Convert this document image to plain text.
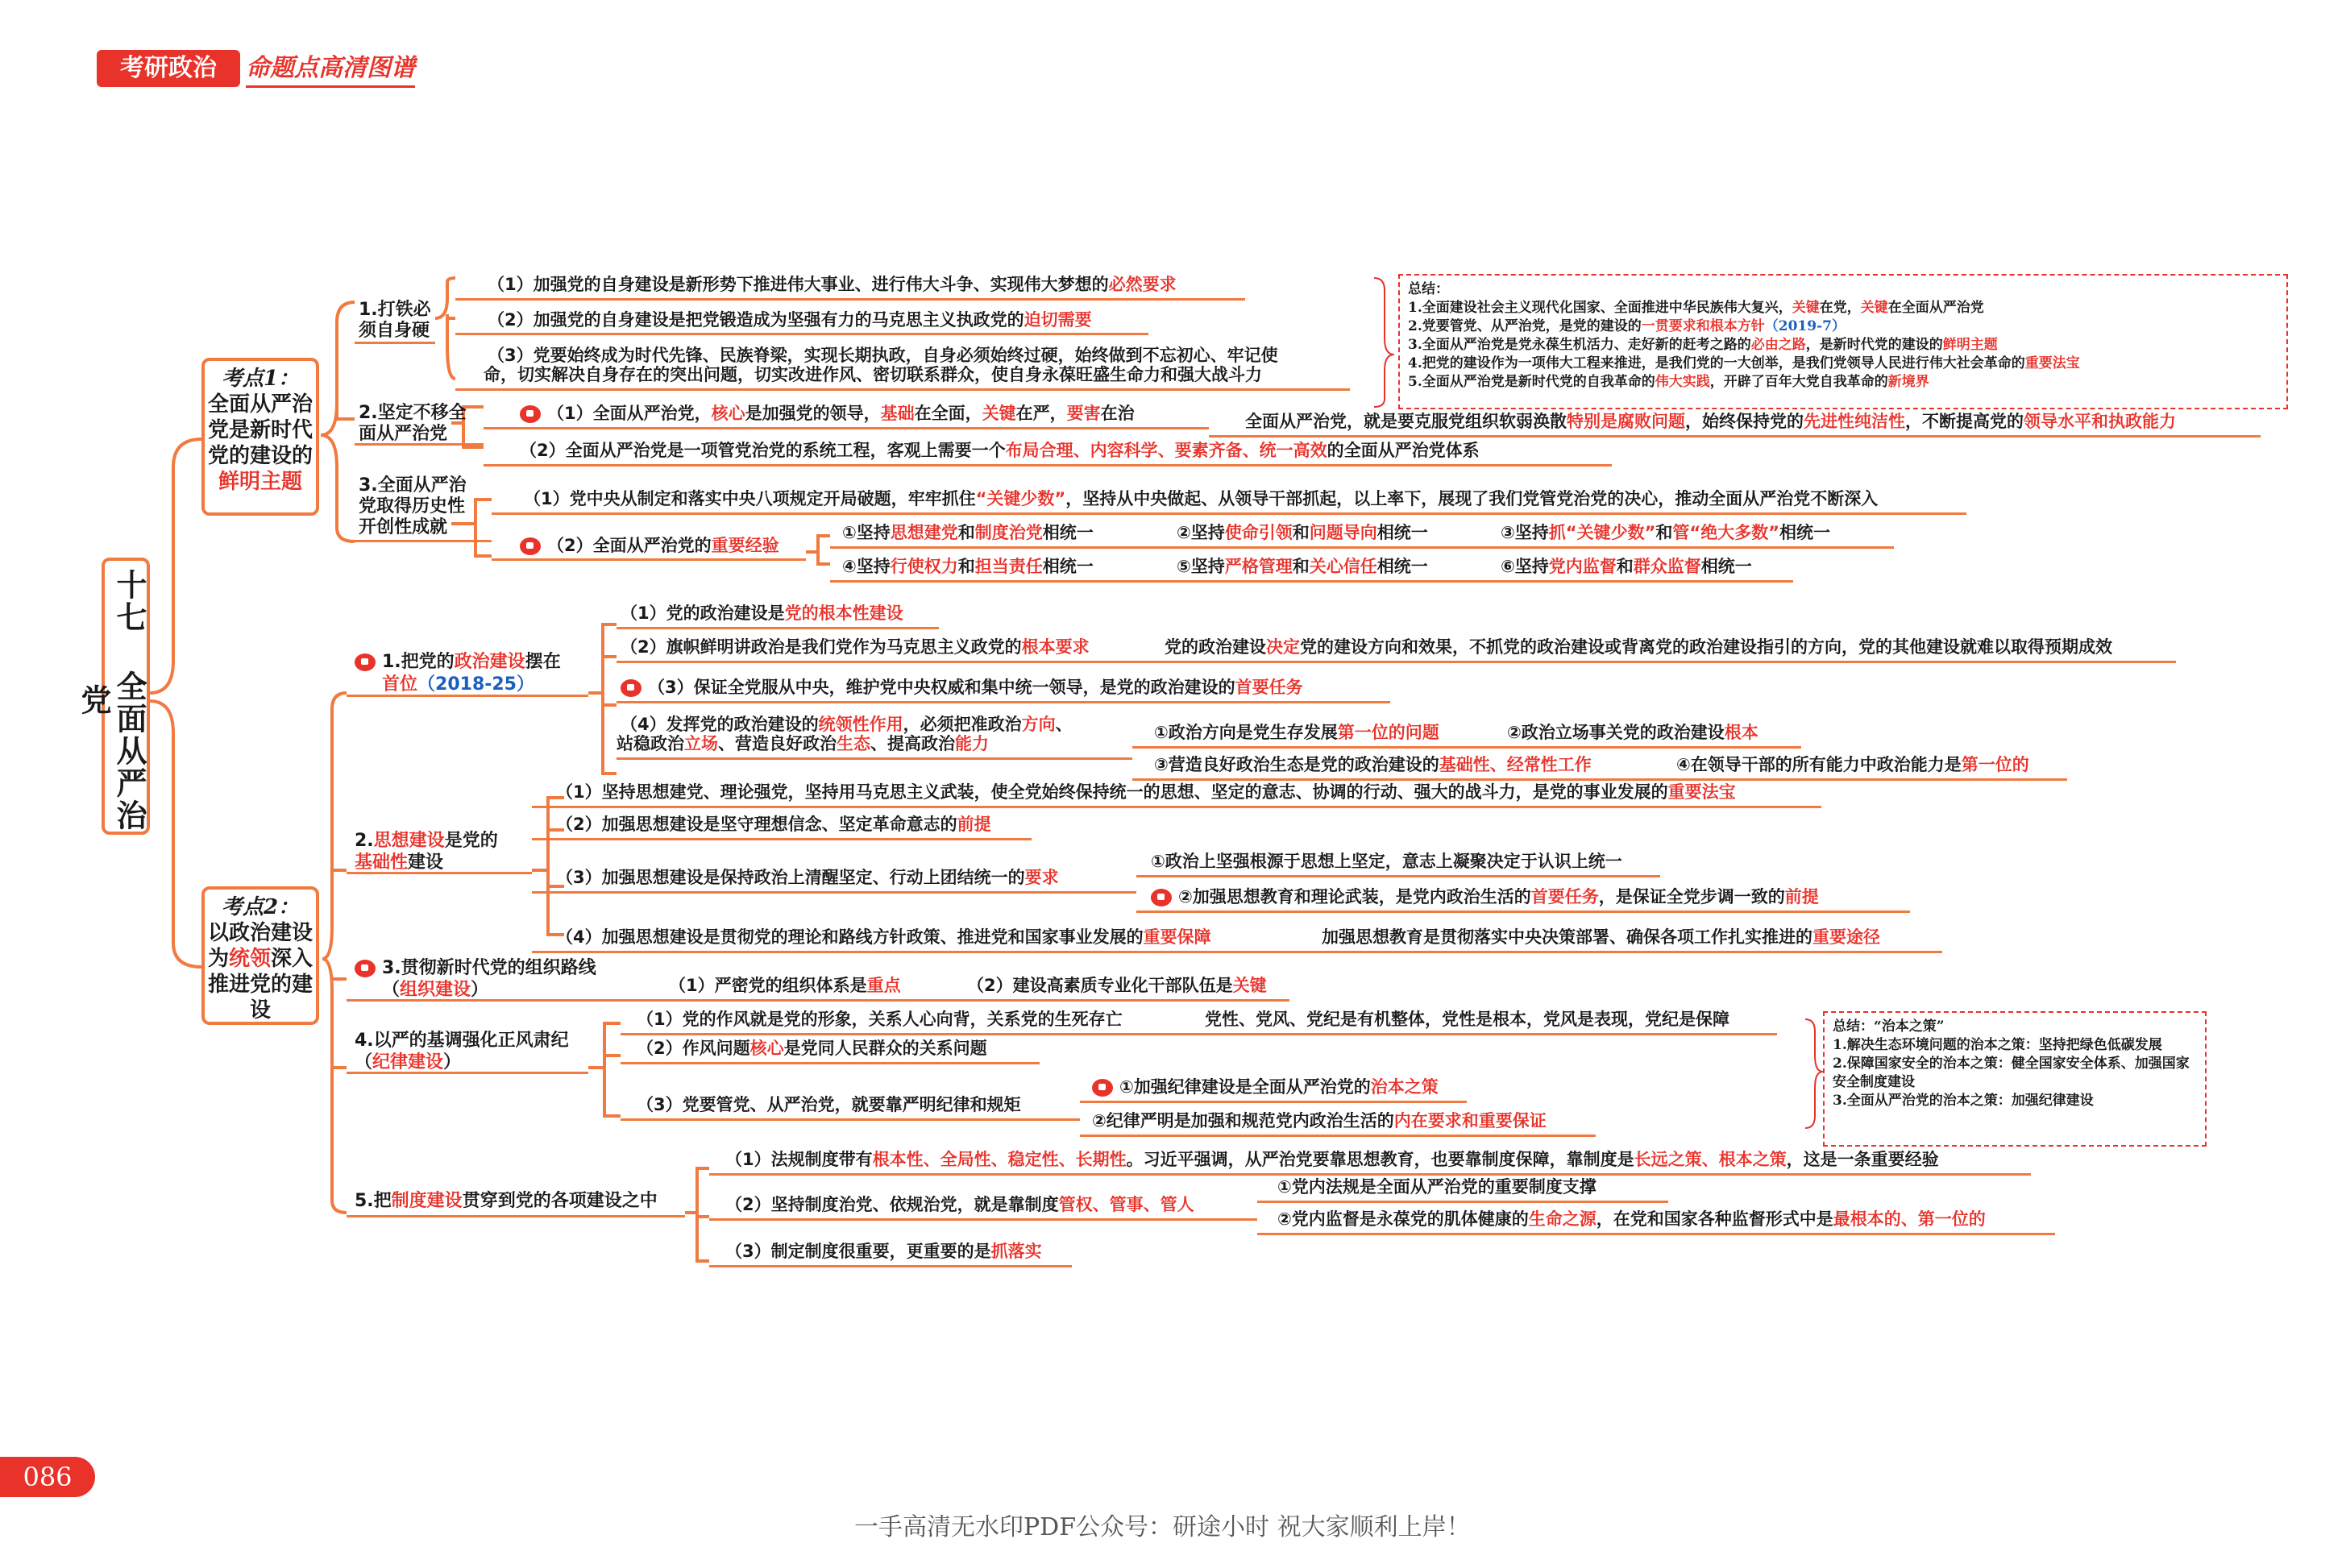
考研政治	命题点高清图谱
十七 全面从严治党
考点1：
全面从严治党是新时代党的建设的鲜明主题
考点2：
以政治建设为统领深入推进党的建设
1.打铁必须自身硬
（1）加强党的自身建设是新形势下推进伟大事业、进行伟大斗争、实现伟大梦想的必然要求
（2）加强党的自身建设是把党锻造成为坚强有力的马克思主义执政党的迫切需要
（3）党要始终成为时代先锋、民族脊梁，实现长期执政，自身必须始终过硬，始终做到不忘初心、牢记使
命，切实解决自身存在的突出问题，切实改进作风、密切联系群众，使自身永葆旺盛生命力和强大战斗力
2.坚定不移全面从严治党
（1）全面从严治党，核心是加强党的领导，基础在全面，关键在严，要害在治	全面从严治党，就是要克服党组织软弱涣散特别是腐败问题，始终保持党的先进性纯洁性，不断提高党的领导水平和执政能力
（2）全面从严治党是一项管党治党的系统工程，客观上需要一个布局合理、内容科学、要素齐备、统一高效的全面从严治党体系
3.全面从严治党取得历史性开创性成就
（1）党中央从制定和落实中央八项规定开局破题，牢牢抓住“关键少数”，坚持从中央做起、从领导干部抓起，以上率下，展现了我们党管党治党的决心，推动全面从严治党不断深入
（2）全面从严治党的重要经验
①坚持思想建党和制度治党相统一	②坚持使命引领和问题导向相统一	③坚持抓“关键少数”和管“绝大多数”相统一
④坚持行使权力和担当责任相统一	⑤坚持严格管理和关心信任相统一	⑥坚持党内监督和群众监督相统一
总结：
1.全面建设社会主义现代化国家、全面推进中华民族伟大复兴，关键在党，关键在全面从严治党
2.党要管党、从严治党，是党的建设的一贯要求和根本方针（2019-7）
3.全面从严治党是党永葆生机活力、走好新的赶考之路的必由之路，是新时代党的建设的鲜明主题
4.把党的建设作为一项伟大工程来推进，是我们党的一大创举，是我们党领导人民进行伟大社会革命的重要法宝
5.全面从严治党是新时代党的自我革命的伟大实践，开辟了百年大党自我革命的新境界
1.把党的政治建设摆在
首位（2018-25）
（1）党的政治建设是党的根本性建设
（2）旗帜鲜明讲政治是我们党作为马克思主义政党的根本要求	党的政治建设决定党的建设方向和效果，不抓党的政治建设或背离党的政治建设指引的方向，党的其他建设就难以取得预期成效
（3）保证全党服从中央，维护党中央权威和集中统一领导，是党的政治建设的首要任务
（4）发挥党的政治建设的统领性作用，必须把准政治方向、
站稳政治立场、营造良好政治生态、提高政治能力
①政治方向是党生存发展第一位的问题	②政治立场事关党的政治建设根本
③营造良好政治生态是党的政治建设的基础性、经常性工作	④在领导干部的所有能力中政治能力是第一位的
2.思想建设是党的基础性建设
（1）坚持思想建党、理论强党，坚持用马克思主义武装，使全党始终保持统一的思想、坚定的意志、协调的行动、强大的战斗力，是党的事业发展的重要法宝
（2）加强思想建设是坚守理想信念、坚定革命意志的前提
（3）加强思想建设是保持政治上清醒坚定、行动上团结统一的要求
①政治上坚强根源于思想上坚定，意志上凝聚决定于认识上统一
②加强思想教育和理论武装，是党内政治生活的首要任务，是保证全党步调一致的前提
（4）加强思想建设是贯彻党的理论和路线方针政策、推进党和国家事业发展的重要保障	加强思想教育是贯彻落实中央决策部署、确保各项工作扎实推进的重要途径
3.贯彻新时代党的组织路线
（组织建设）	（1）严密党的组织体系是重点	（2）建设高素质专业化干部队伍是关键
4.以严的基调强化正风肃纪
（纪律建设）
（1）党的作风就是党的形象，关系人心向背，关系党的生死存亡	党性、党风、党纪是有机整体，党性是根本，党风是表现，党纪是保障
（2）作风问题核心是党同人民群众的关系问题
（3）党要管党、从严治党，就要靠严明纪律和规矩
①加强纪律建设是全面从严治党的治本之策
②纪律严明是加强和规范党内政治生活的内在要求和重要保证
总结：“治本之策”
1.解决生态环境问题的治本之策：坚持把绿色低碳发展
2.保障国家安全的治本之策：健全国家安全体系、加强国家安全制度建设
3.全面从严治党的治本之策：加强纪律建设
5.把制度建设贯穿到党的各项建设之中
（1）法规制度带有根本性、全局性、稳定性、长期性。习近平强调，从严治党要靠思想教育，也要靠制度保障，靠制度是长远之策、根本之策，这是一条重要经验
（2）坚持制度治党、依规治党，就是靠制度管权、管事、管人
①党内法规是全面从严治党的重要制度支撑
②党内监督是永葆党的肌体健康的生命之源，在党和国家各种监督形式中是最根本的、第一位的
（3）制定制度很重要，更重要的是抓落实
086
一手高清无水印PDF公众号：研途小时 祝大家顺利上岸！
